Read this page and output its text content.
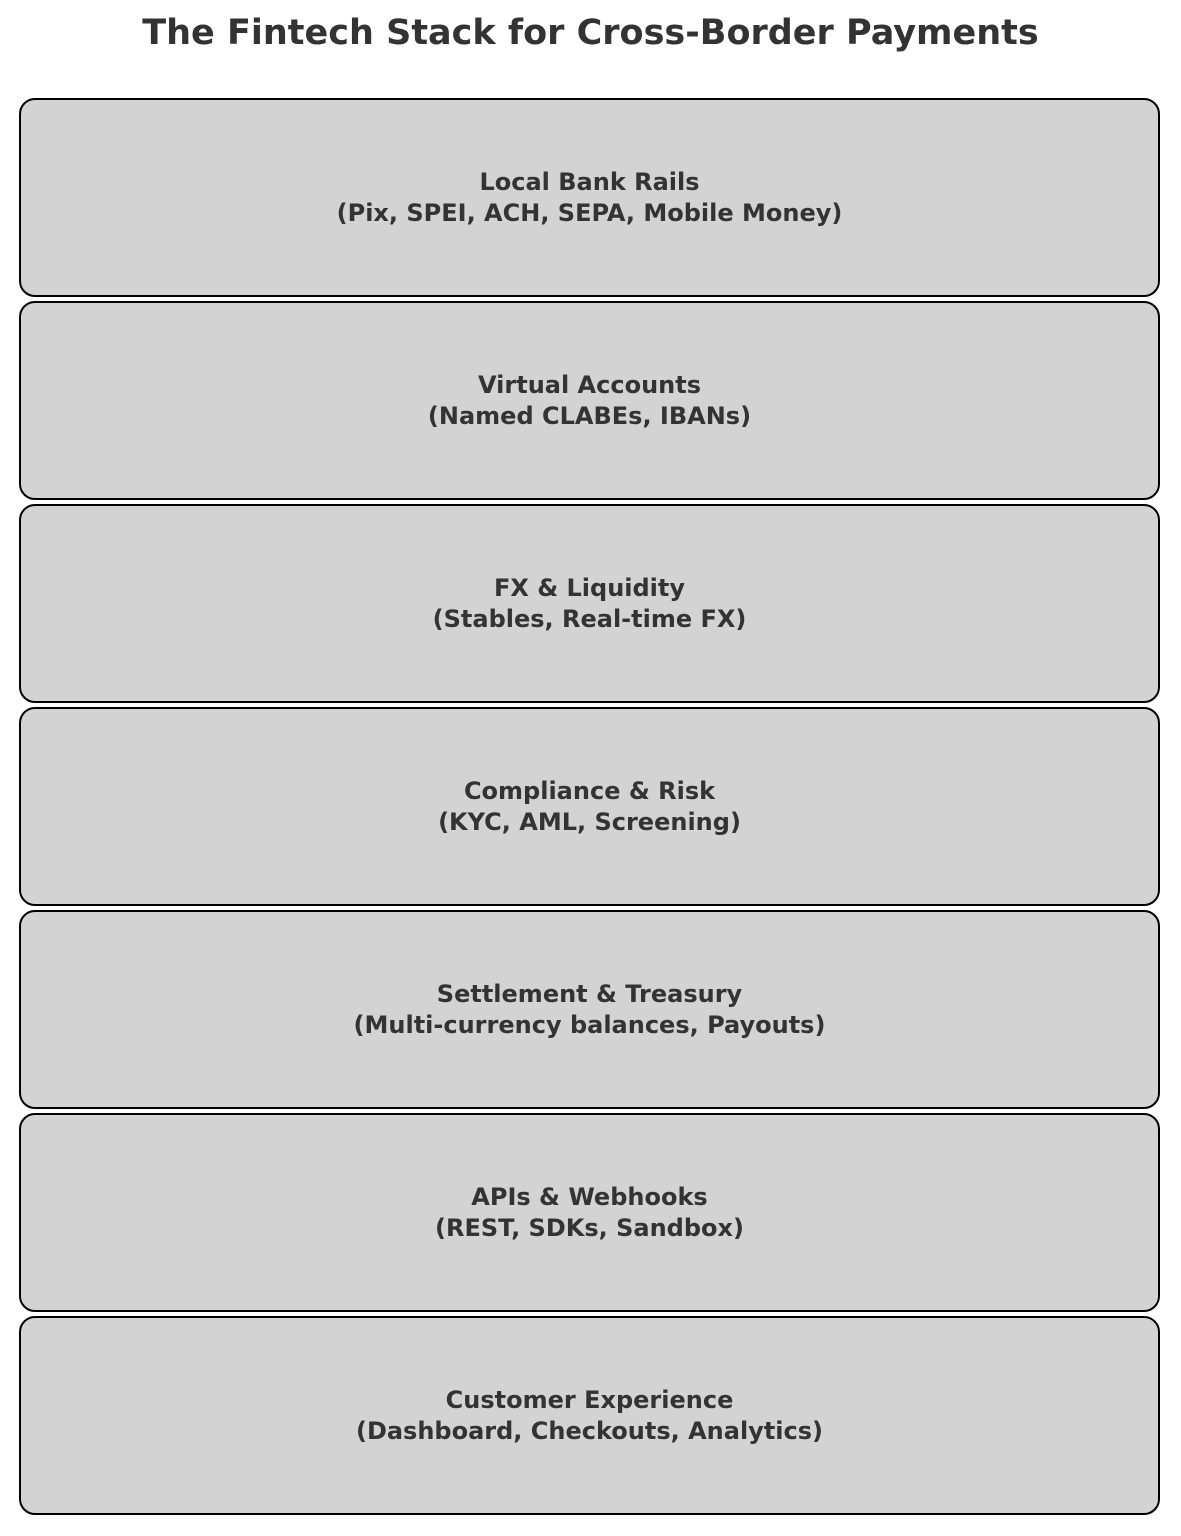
The Fintech Stack for Cross-Border Payments
Local Bank Rails
(Pix, SPEI, ACH, SEPA, Mobile Money)
Virtual Accounts
(Named CLABEs, IBANs)
FX & Liquidity
(Stables, Real-time FX)
Compliance & Risk
(KYC, AML, Screening)
Settlement & Treasury
(Multi-currency balances, Payouts)
APIs & Webhooks
(REST, SDKs, Sandbox)
Customer Experience
(Dashboard, Checkouts, Analytics)
